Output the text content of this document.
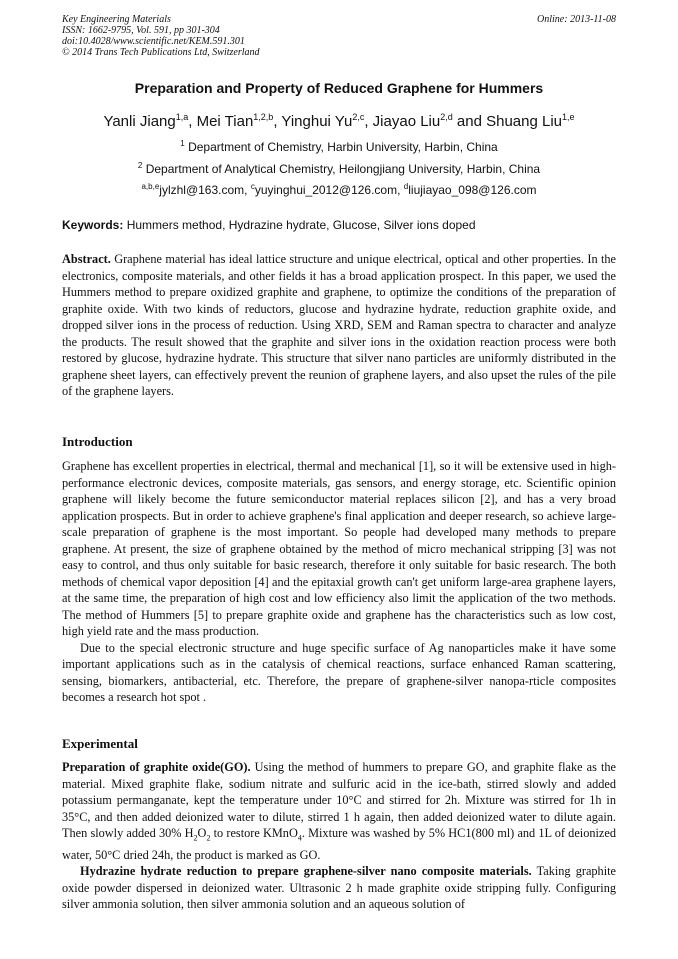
Key Engineering Materials
ISSN: 1662-9795, Vol. 591, pp 301-304
doi:10.4028/www.scientific.net/KEM.591.301
© 2014 Trans Tech Publications Ltd, Switzerland
Online: 2013-11-08
Preparation and Property of Reduced Graphene for Hummers
Yanli Jiang$^{1,a}$, Mei Tian$^{1,2,b}$, Yinghui Yu$^{2,c}$, Jiayao Liu$^{2,d}$ and Shuang Liu$^{1,e}$
$^1$ Department of Chemistry, Harbin University, Harbin, China
$^2$ Department of Analytical Chemistry, Heilongjiang University, Harbin, China
$^{a,b,e}$jylzhl@163.com, $^c$yuyinghui_2012@126.com, $^d$liujiayao_098@126.com
Keywords: Hummers method, Hydrazine hydrate, Glucose, Silver ions doped
Abstract. Graphene material has ideal lattice structure and unique electrical, optical and other properties. In the electronics, composite materials, and other fields it has a broad application prospect. In this paper, we used the Hummers method to prepare oxidized graphite and graphene, to optimize the conditions of the preparation of graphite oxide. With two kinds of reductors, glucose and hydrazine hydrate, reduction graphite oxide, and dropped silver ions in the process of reduction. Using XRD, SEM and Raman spectra to character and analyze the products. The result showed that the graphite and silver ions in the oxidation reaction process were both restored by glucose, hydrazine hydrate. This structure that silver nano particles are uniformly distributed in the graphene sheet layers, can effectively prevent the reunion of graphene layers, and also upset the rules of the pile of the graphene layers.
Introduction

Graphene has excellent properties in electrical, thermal and mechanical [1], so it will be extensive used in high-performance electronic devices, composite materials, gas sensors, and energy storage, etc. Scientific opinion graphene will likely become the future semiconductor material replaces silicon [2], and has a very broad application prospects. But in order to achieve graphene's final application and deeper research, so achieve large-scale preparation of graphene is the most important. So people had developed many methods to prepare graphene. At present, the size of graphene obtained by the method of micro mechanical stripping [3] was not easy to control, and thus only suitable for basic research, therefore it only suitable for basic research. The both methods of chemical vapor deposition [4] and the epitaxial growth can't get uniform large-area graphene layers, at the same time, the preparation of high cost and low efficiency also limit the application of the two methods. The method of Hummers [5] to prepare graphite oxide and graphene has the characteristics such as low cost, high yield rate and the mass production.

Due to the special electronic structure and huge specific surface of Ag nanoparticles make it have some important applications such as in the catalysis of chemical reactions, surface enhanced Raman scattering, sensing, biomarkers, antibacterial, etc. Therefore, the prepare of graphene-silver nanopa-rticle composites becomes a research hot spot .

Experimental

Preparation of graphite oxide(GO). Using the method of hummers to prepare GO, and graphite flake as the material. Mixed graphite flake, sodium nitrate and sulfuric acid in the ice-bath, stirred slowly and added potassium permanganate, kept the temperature under 10°C and stirred for 2h. Mixture was stirred for 1h in 35°C, and then added deionized water to dilute, stirred 1 h again, then added deionized water to dilute again. Then slowly added 30% $H_2O_2$ to restore KMnO$_4$. Mixture was washed by 5% HC1(800 ml) and 1L of deionized water, 50°C dried 24h, the product is marked as GO.

Hydrazine hydrate reduction to prepare graphene-silver nano composite materials. Taking graphite oxide powder dispersed in deionized water. Ultrasonic 2 h made graphite oxide stripping fully. Configuring silver ammonia solution, then silver ammonia solution and an aqueous solution of
